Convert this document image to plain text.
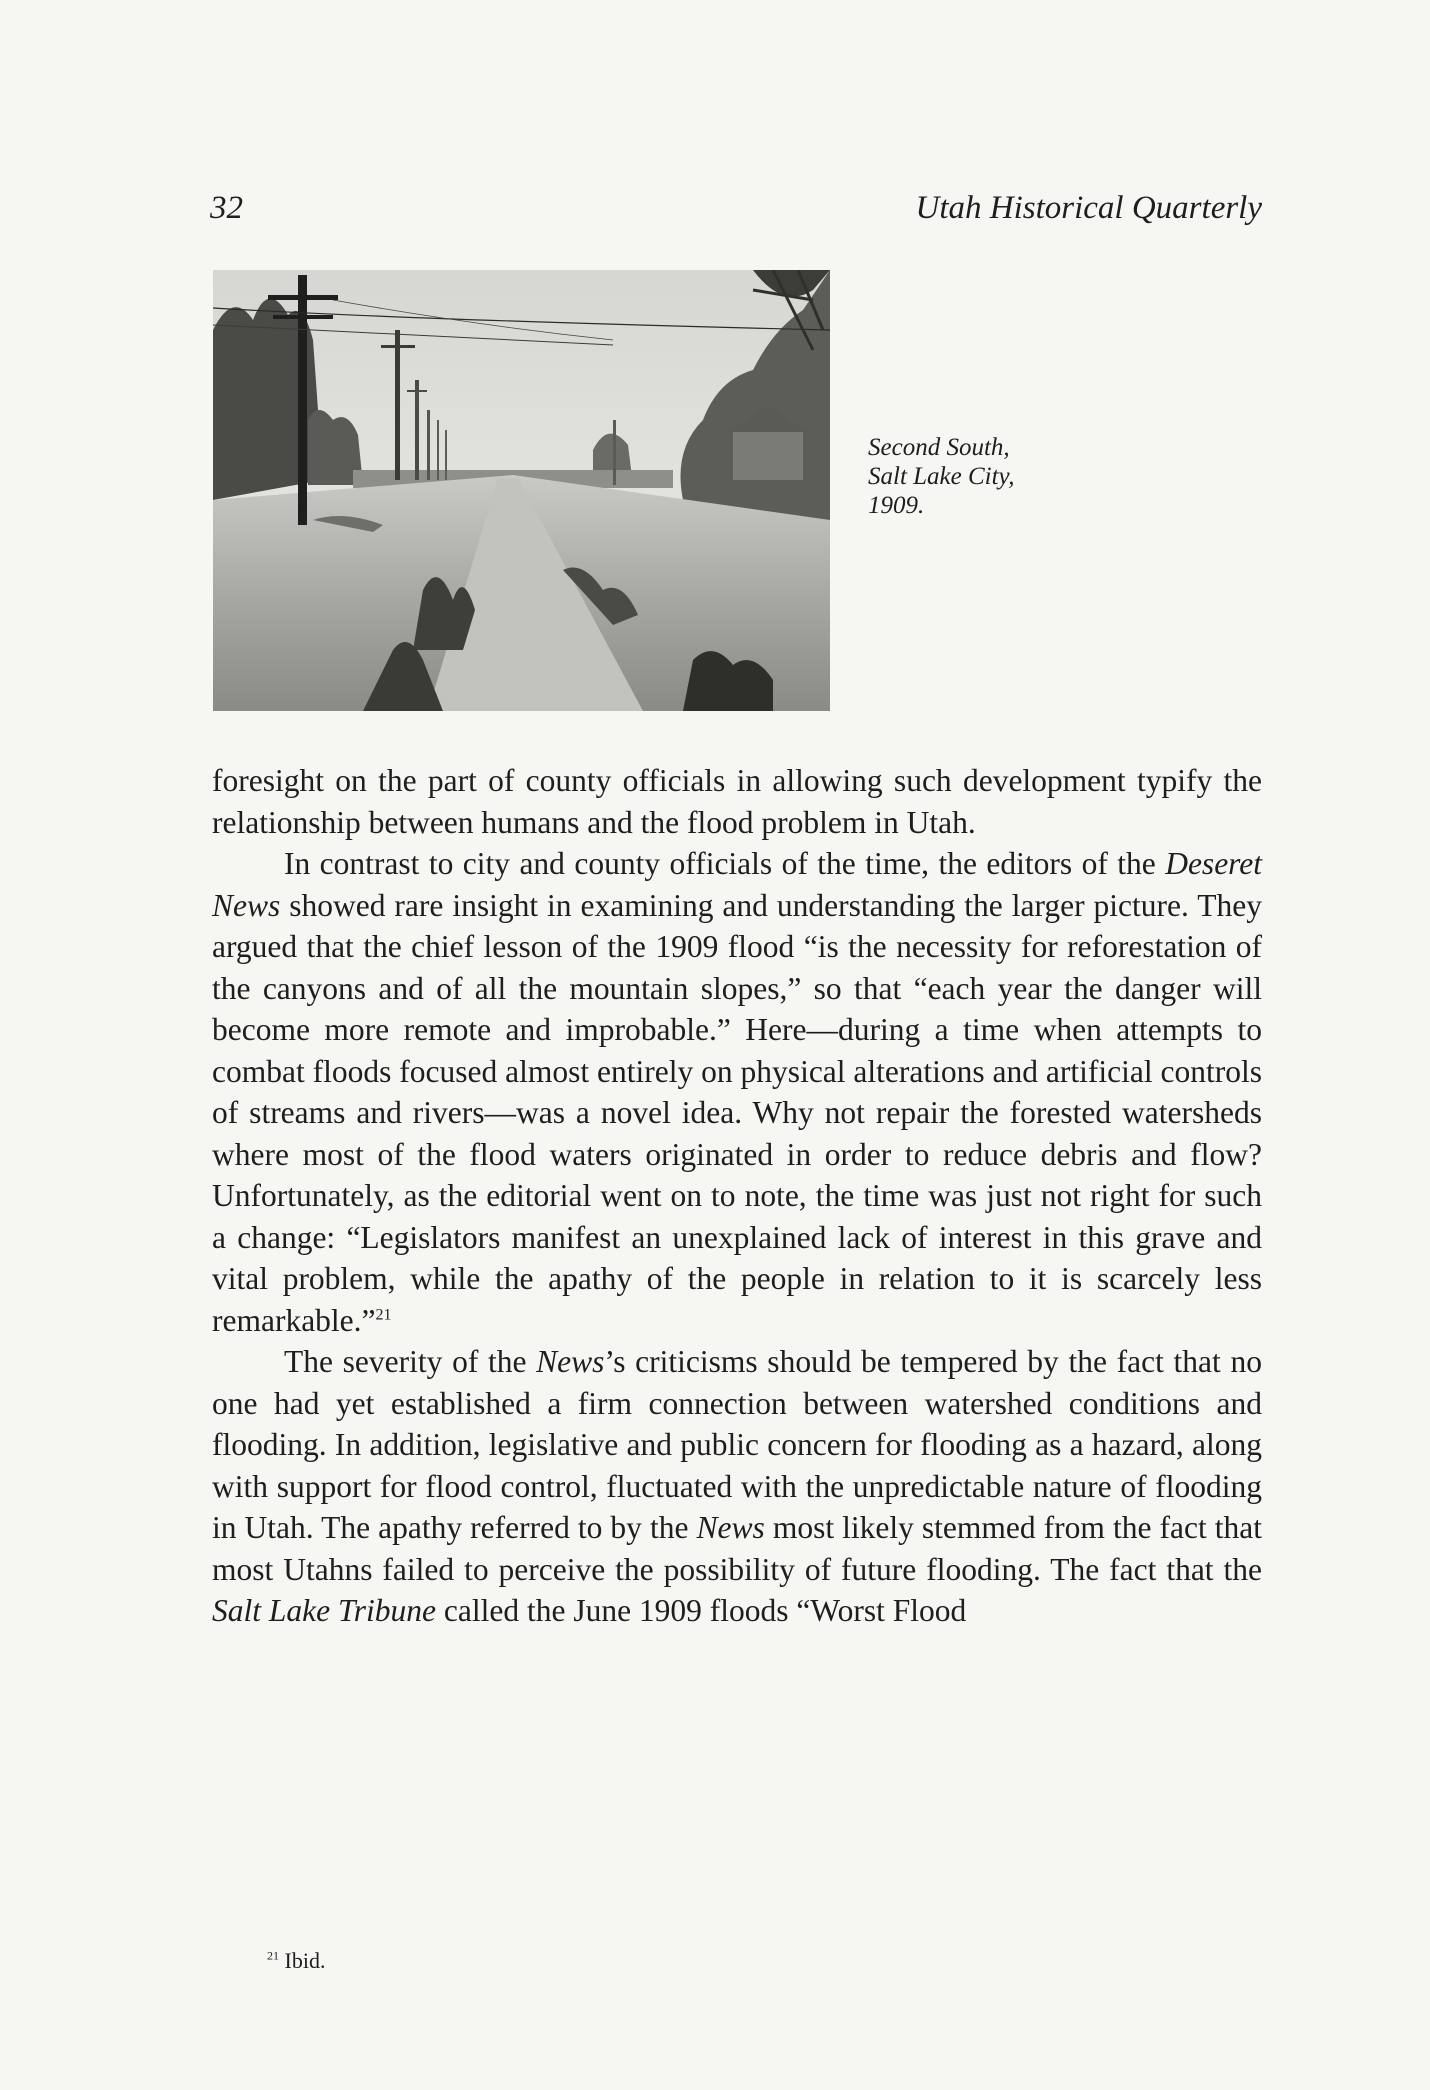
32	Utah Historical Quarterly
Second South,
Salt Lake City,
1909.

foresight on the part of county officials in allowing such development typify the relationship between humans and the flood problem in Utah.

In contrast to city and county officials of the time, the editors of the Deseret News showed rare insight in examining and understanding the larger picture. They argued that the chief lesson of the 1909 flood “is the necessity for reforestation of the canyons and of all the mountain slopes,” so that “each year the danger will become more remote and improbable.” Here—during a time when attempts to combat floods focused almost entirely on physical alterations and artificial controls of streams and rivers—was a novel idea. Why not repair the forested watersheds where most of the flood waters originated in order to reduce debris and flow? Unfortunately, as the editorial went on to note, the time was just not right for such a change: “Legislators manifest an unexplained lack of interest in this grave and vital problem, while the apathy of the people in relation to it is scarcely less remarkable.”$^{21}$

The severity of the News’s criticisms should be tempered by the fact that no one had yet established a firm connection between watershed conditions and flooding. In addition, legislative and public concern for flooding as a hazard, along with support for flood control, fluctuated with the unpredictable nature of flooding in Utah. The apathy referred to by the News most likely stemmed from the fact that most Utahns failed to perceive the possibility of future flooding. The fact that the Salt Lake Tribune called the June 1909 floods “Worst Flood

$^{21}$ Ibid.
